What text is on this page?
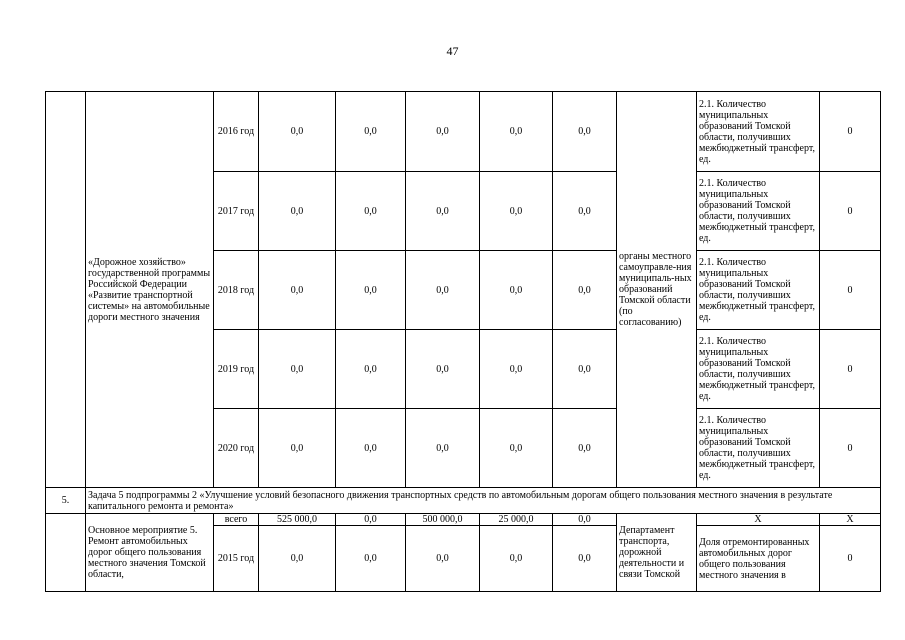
47
	«Дорожное хозяйство» государственной программы Российской Федерации «Развитие транспортной системы» на автомобильные дороги местного значения	2016 год	0,0	0,0	0,0	0,0	0,0	органы местного самоуправле-ния муниципаль-ных образований Томской области (по согласованию)	2.1. Количество муниципальных образований Томской области, получивших межбюджетный трансферт, ед.	0
		2017 год	0,0	0,0	0,0	0,0	0,0		2.1. Количество муниципальных образований Томской области, получивших межбюджетный трансферт, ед.	0
		2018 год	0,0	0,0	0,0	0,0	0,0		2.1. Количество муниципальных образований Томской области, получивших межбюджетный трансферт, ед.	0
		2019 год	0,0	0,0	0,0	0,0	0,0		2.1. Количество муниципальных образований Томской области, получивших межбюджетный трансферт, ед.	0
		2020 год	0,0	0,0	0,0	0,0	0,0		2.1. Количество муниципальных образований Томской области, получивших межбюджетный трансферт, ед.	0
5.	Задача 5 подпрограммы 2 «Улучшение условий безопасного движения транспортных средств по автомобильным дорогам общего пользования местного значения в результате капитального ремонта и ремонта»									
	Основное мероприятие 5. Ремонт автомобильных дорог общего пользования местного значения Томской области,	всего	525 000,0	0,0	500 000,0	25 000,0	0,0	Департамент транспорта, дорожной деятельности и связи Томской	Х	Х
		2015 год	0,0	0,0	0,0	0,0	0,0		Доля отремонтированных автомобильных дорог общего пользования местного значения в	0
